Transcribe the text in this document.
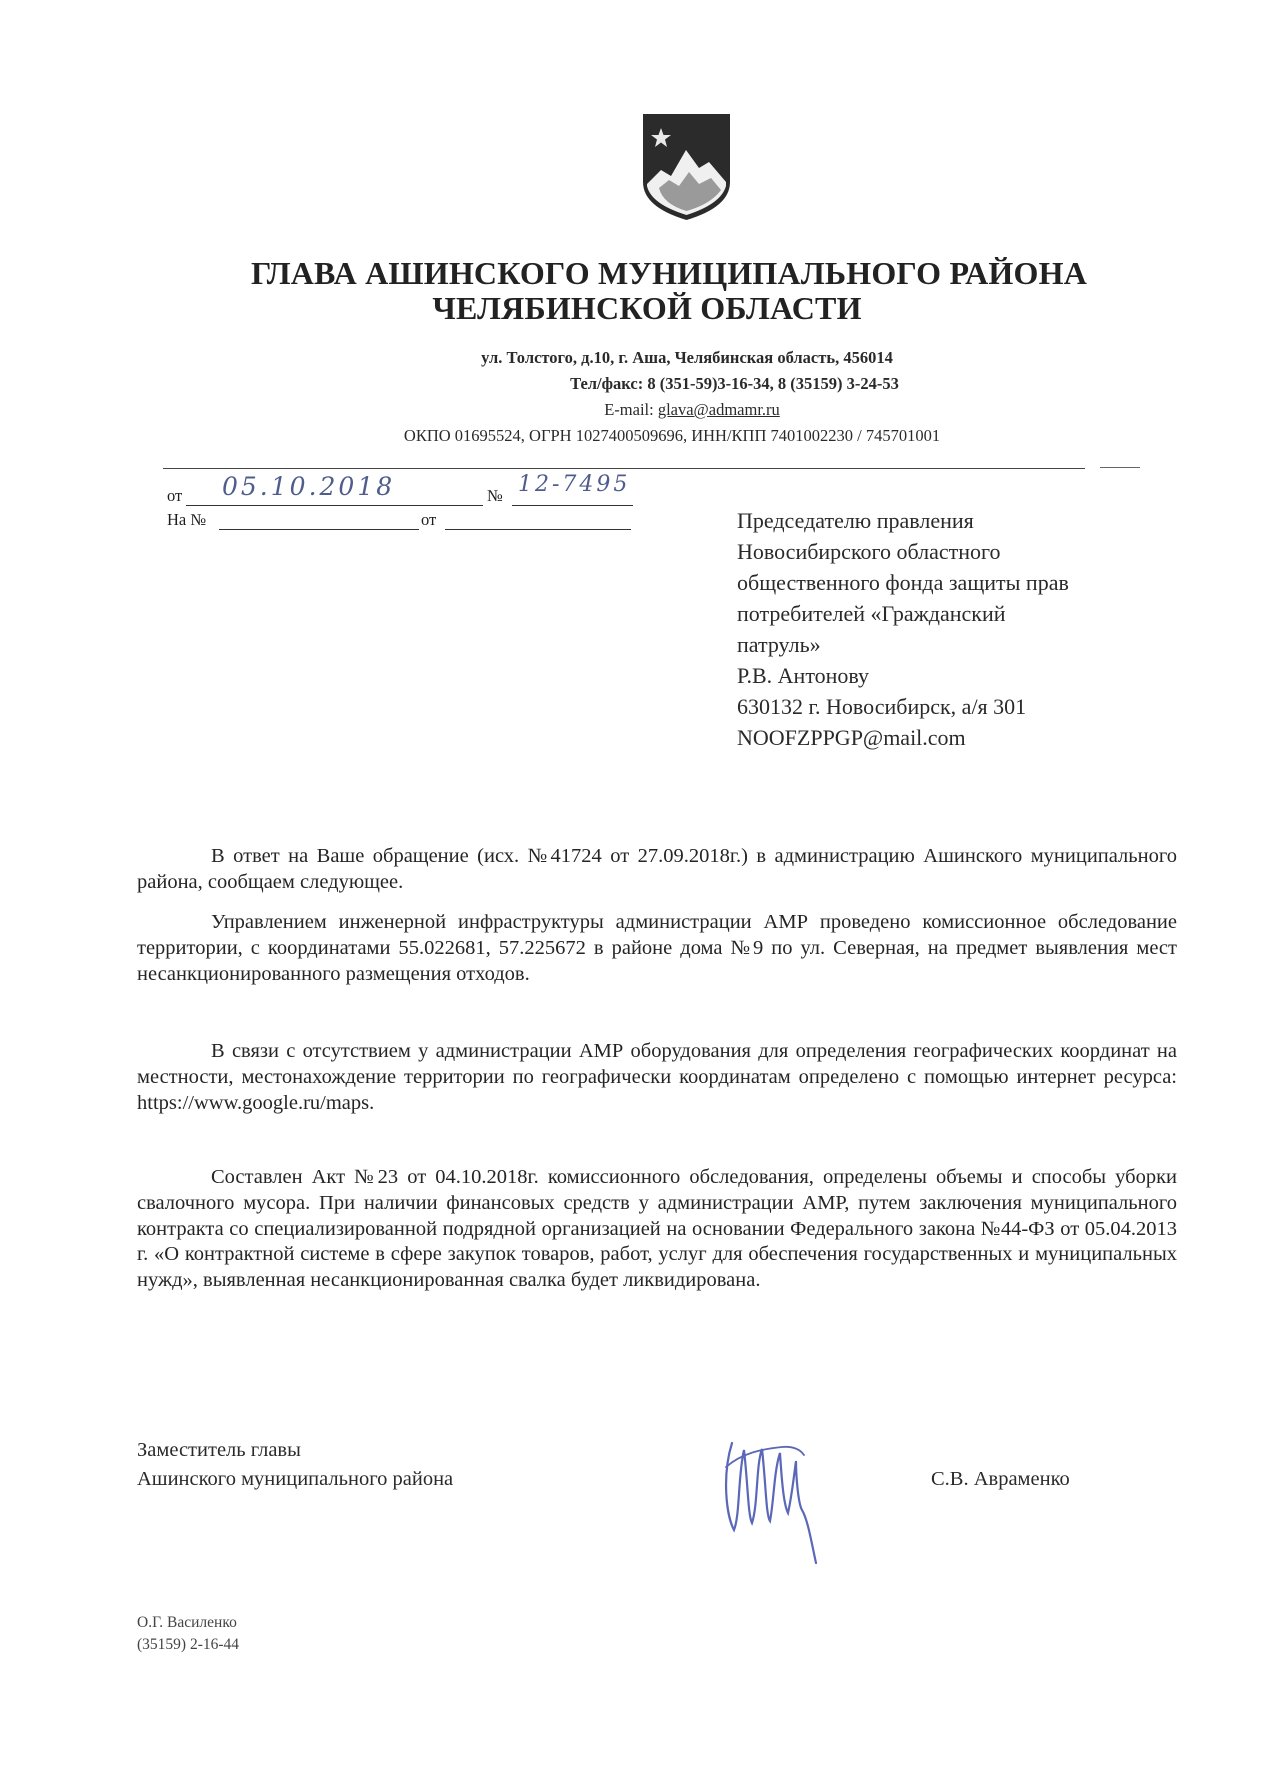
ГЛАВА АШИНСКОГО МУНИЦИПАЛЬНОГО РАЙОНА
ЧЕЛЯБИНСКОЙ ОБЛАСТИ
ул. Толстого, д.10, г. Аша, Челябинская область, 456014
Тел/факс: 8 (351-59)3-16-34, 8 (35159) 3-24-53
E-mail: glava@admamr.ru
ОКПО 01695524, ОГРН 1027400509696, ИНН/КПП 7401002230 / 745701001
от 05.10.2018	№ 12-7495
На №	от	Председателю правления
Новосибирского областного
общественного фонда защиты прав
потребителей «Гражданский
патруль»
Р.В. Антонову
630132 г. Новосибирск, а/я 301
NOOFZPPGP@mail.com
В ответ на Ваше обращение (исх. №41724 от 27.09.2018г.) в администрацию Ашинского муниципального района, сообщаем следующее.
Управлением инженерной инфраструктуры администрации АМР проведено комиссионное обследование территории, с координатами 55.022681, 57.225672 в районе дома №9 по ул. Северная, на предмет выявления мест несанкционированного размещения отходов.
В связи с отсутствием у администрации АМР оборудования для определения географических координат на местности, местонахождение территории по географически координатам определено с помощью интернет ресурса: https://www.google.ru/maps.
Составлен Акт №23 от 04.10.2018г. комиссионного обследования, определены объемы и способы уборки свалочного мусора. При наличии финансовых средств у администрации АМР, путем заключения муниципального контракта со специализированной подрядной организацией на основании Федерального закона №44-ФЗ от 05.04.2013 г. «О контрактной системе в сфере закупок товаров, работ, услуг для обеспечения государственных и муниципальных нужд», выявленная несанкционированная свалка будет ликвидирована.
Заместитель главы
Ашинского муниципального района	С.В. Авраменко
О.Г. Василенко
(35159) 2-16-44
